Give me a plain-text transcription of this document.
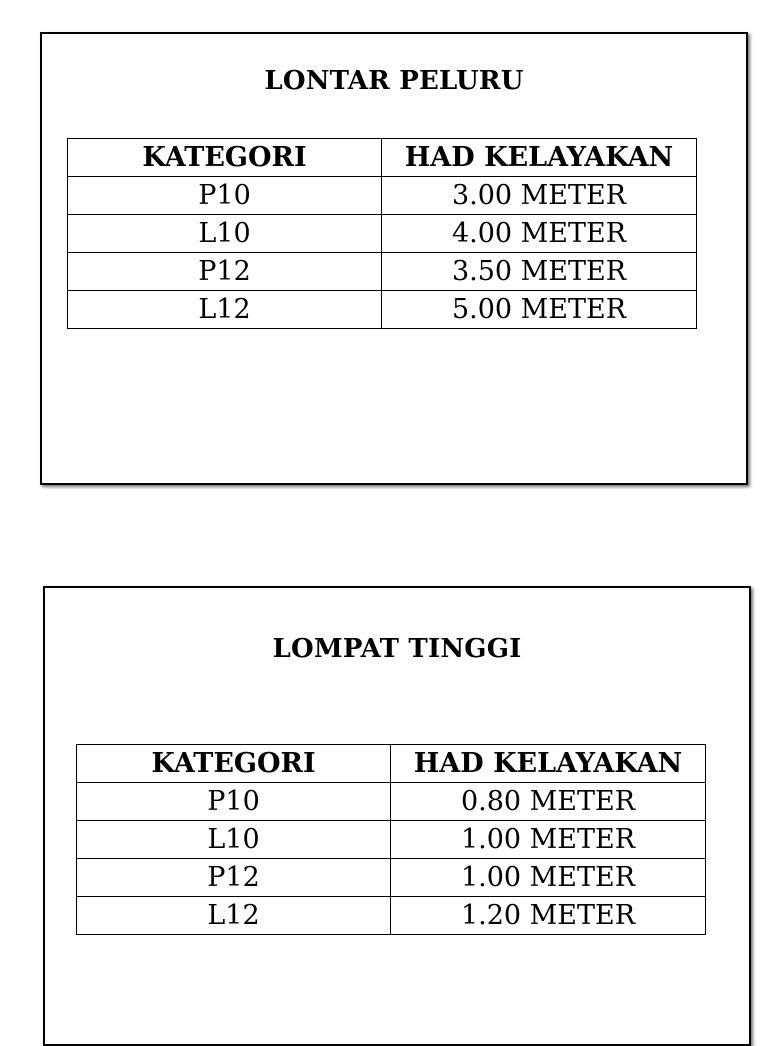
LONTAR PELURU
KATEGORI	HAD KELAYAKAN
P10	3.00 METER
L10	4.00 METER
P12	3.50 METER
L12	5.00 METER
LOMPAT TINGGI
KATEGORI	HAD KELAYAKAN
P10	0.80 METER
L10	1.00 METER
P12	1.00 METER
L12	1.20 METER
